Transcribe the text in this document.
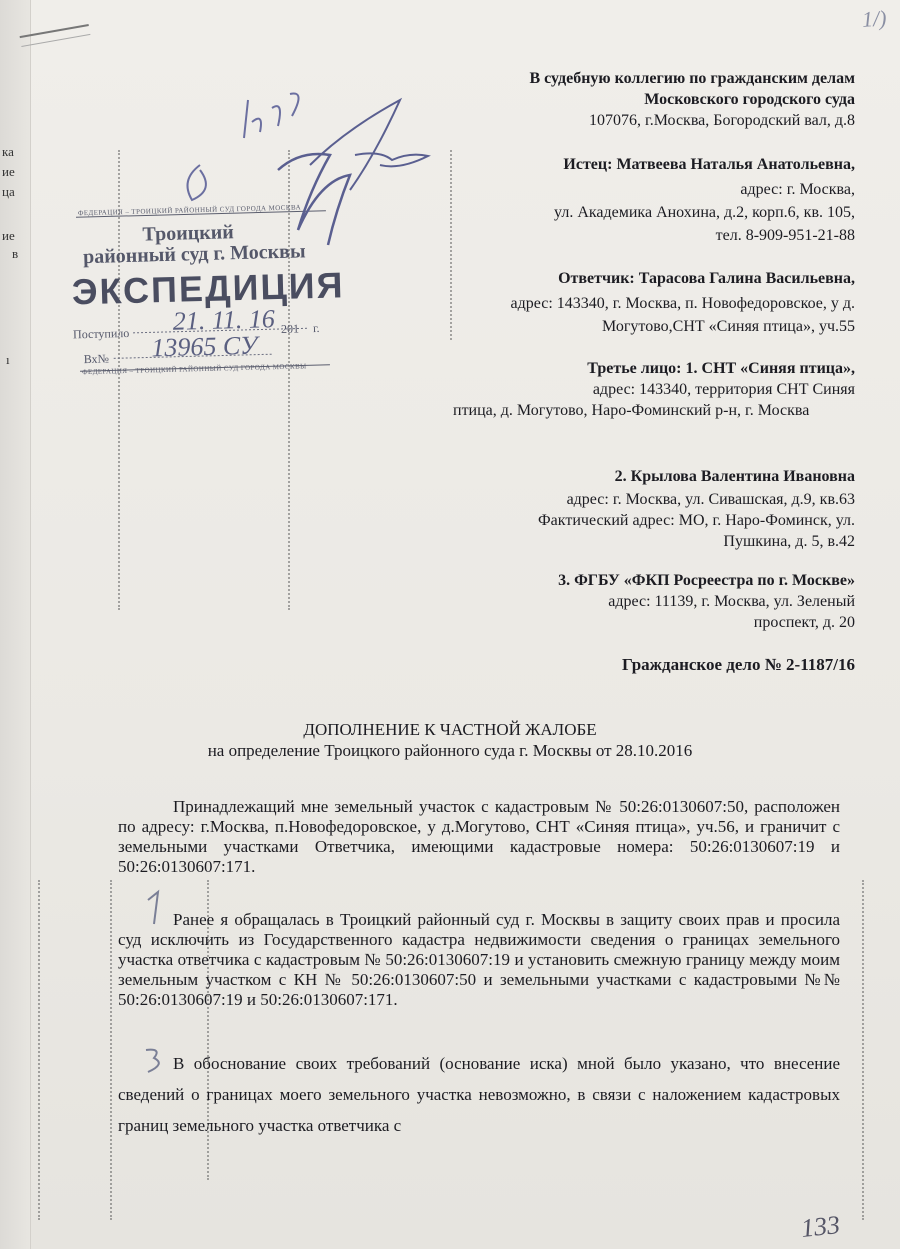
ка
ие
ца
ие
в
ı
1/)
В судебную коллегию по гражданским делам
Московского городского суда
107076, г.Москва, Богородский вал, д.8
Истец: Матвеева Наталья Анатольевна,
адрес: г. Москва,
ул. Академика Анохина, д.2, корп.6, кв. 105,
тел. 8-909-951-21-88
Ответчик: Тарасова Галина Васильевна,
адрес: 143340, г. Москва, п. Новофедоровское, у д.
Могутово,СНТ «Синяя птица», уч.55
Третье лицо: 1. СНТ «Синяя птица»,
адрес: 143340, территория СНТ Синяя
птица, д. Могутово, Наро-Фоминский р-н, г. Москва
2. Крылова Валентина Ивановна
адрес: г. Москва, ул. Сивашская, д.9, кв.63
Фактический адрес: МО, г. Наро-Фоминск, ул.
Пушкина, д. 5, в.42
3. ФГБУ «ФКП Росреестра по г. Москве»
адрес: 11139, г. Москва, ул. Зеленый
проспект, д. 20
Гражданское дело № 2-1187/16
ДОПОЛНЕНИЕ К ЧАСТНОЙ ЖАЛОБЕ
на определение Троицкого районного суда г. Москвы от 28.10.2016
Принадлежащий мне земельный участок с кадастровым № 50:26:0130607:50, расположен по адресу: г.Москва, п.Новофедоровское, у д.Могутово, СНТ «Синяя птица», уч.56, и граничит с земельными участками Ответчика, имеющими кадастровые номера: 50:26:0130607:19 и 50:26:0130607:171.
Ранее я обращалась в Троицкий районный суд г. Москвы в защиту своих прав и просила суд исключить из Государственного кадастра недвижимости сведения о границах земельного участка ответчика с кадастровым № 50:26:0130607:19 и установить смежную границу между моим земельным участком с КН № 50:26:0130607:50 и земельными участками с кадастровыми №№ 50:26:0130607:19 и 50:26:0130607:171.
В обоснование своих требований (основание иска) мной было указано, что внесение сведений о границах моего земельного участка невозможно, в связи с наложением кадастровых границ земельного участка ответчика с
ФЕДЕРАЦИЯ – ТРОИЦКИЙ РАЙОННЫЙ СУД ГОРОДА МОСКВА
Троицкий
районный суд г. Москвы
ЭКСПЕДИЦИЯ
Поступило 21. 11. 16 201 г.
Вх№ 13965 СУ
ФЕДЕРАЦИЯ – ТРОИЦКИЙ РАЙОННЫЙ СУД ГОРОДА МОСКВЫ
133
